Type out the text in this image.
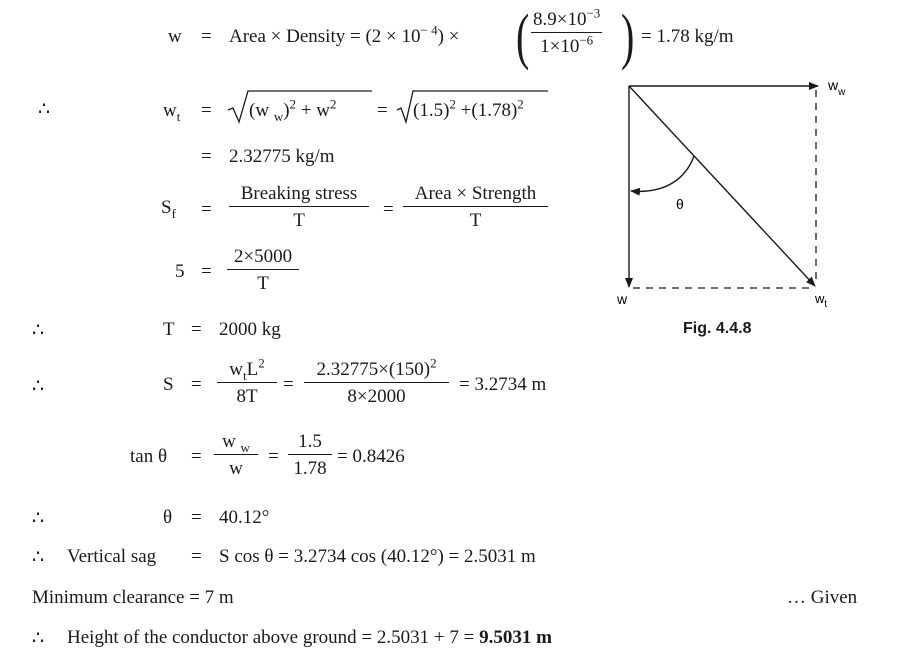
w = Area × Density = $(2 \times 10^{- 4})$ × ( $\frac{8.9\times 10^{-3}}{1\times 10^{-6}}$ ) = 1.78 kg/m
∴	$w_t = (w$ $_w)^2 + w^2 = (1.5)^2 +(1.78)^2$
= 2.32775 kg/m
$S_f$ =
Breaking stress
T
=
Area × Strength
T
$5 = \frac{2\times 5000}{T}$
∴	T = 2000 kg
∴	S =
$w_tL^2$
8T
= $\frac{2.32775\times(150)^2}{8\times 2000} = 3.2734$ m
$\tan \theta = \frac{w _w}{w} = \frac{1.5}{1.78} = 0.8426$
∴	θ = 40.12°
∴ Vertical sag = S cos θ = 3.2734 cos (40.12°) = 2.5031 m
Minimum clearance = 7 m	… Given
∴ Height of the conductor above ground = 2.5031 + 7 = 9.5031 m
θ
$w_w$
w	$w_t$
Fig. 4.4.8
